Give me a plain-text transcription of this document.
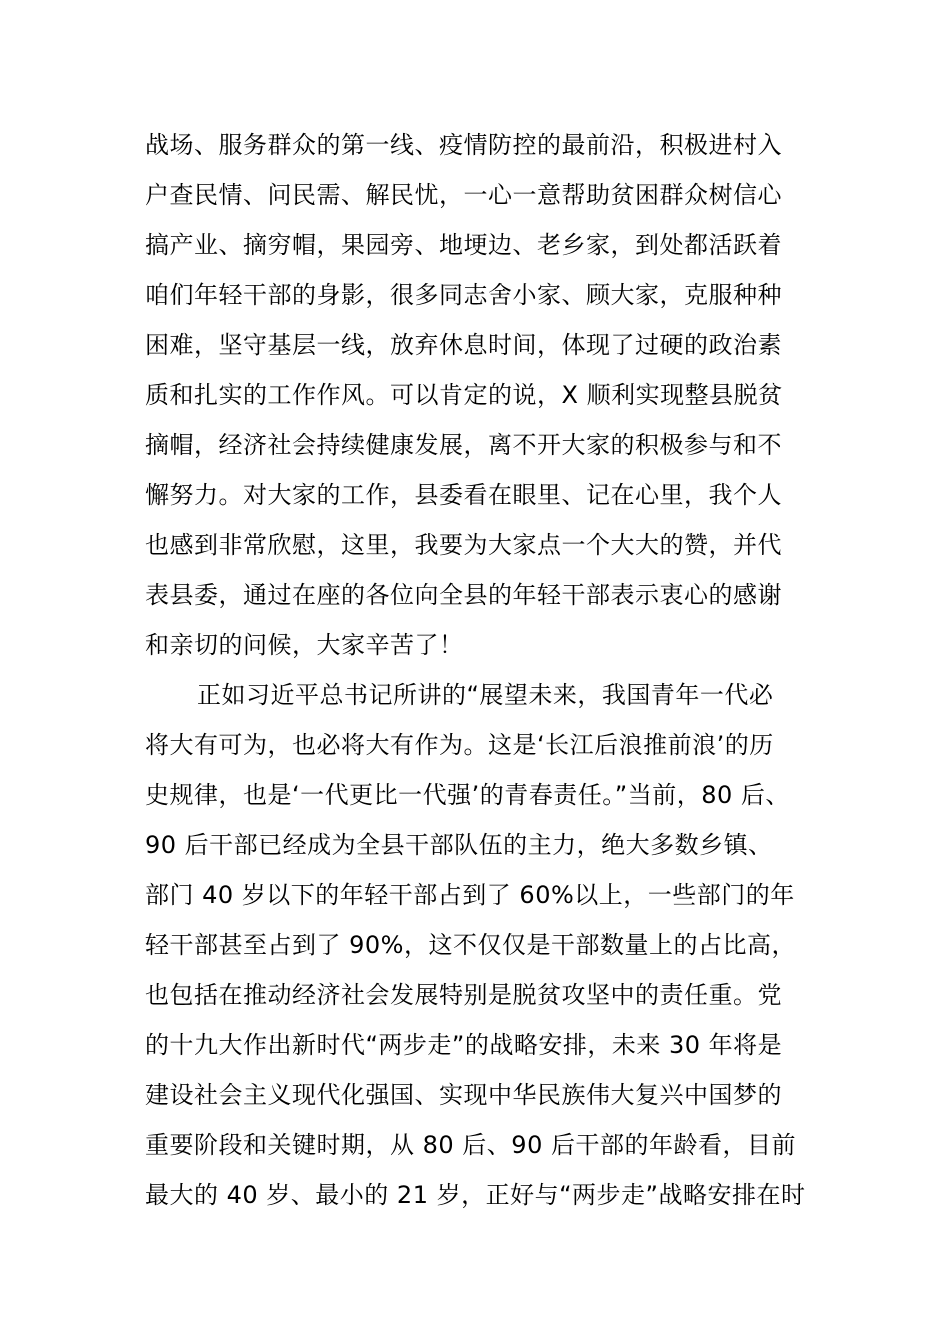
战场、服务群众的第一线、疫情防控的最前沿，积极进村入
户查民情、问民需、解民忧，一心一意帮助贫困群众树信心
搞产业、摘穷帽，果园旁、地埂边、老乡家，到处都活跃着
咱们年轻干部的身影，很多同志舍小家、顾大家，克服种种
困难，坚守基层一线，放弃休息时间，体现了过硬的政治素
质和扎实的工作作风。可以肯定的说，X 顺利实现整县脱贫
摘帽，经济社会持续健康发展，离不开大家的积极参与和不
懈努力。对大家的工作，县委看在眼里、记在心里，我个人
也感到非常欣慰，这里，我要为大家点一个大大的赞，并代
表县委，通过在座的各位向全县的年轻干部表示衷心的感谢
和亲切的问候，大家辛苦了！
正如习近平总书记所讲的“展望未来，我国青年一代必
将大有可为，也必将大有作为。这是‘长江后浪推前浪’的历
史规律，也是‘一代更比一代强’的青春责任。”当前，80 后、
90 后干部已经成为全县干部队伍的主力，绝大多数乡镇、
部门 40 岁以下的年轻干部占到了 60%以上，一些部门的年
轻干部甚至占到了 90%，这不仅仅是干部数量上的占比高，
也包括在推动经济社会发展特别是脱贫攻坚中的责任重。党
的十九大作出新时代“两步走”的战略安排，未来 30 年将是
建设社会主义现代化强国、实现中华民族伟大复兴中国梦的
重要阶段和关键时期，从 80 后、90 后干部的年龄看，目前
最大的 40 岁、最小的 21 岁，正好与“两步走”战略安排在时
